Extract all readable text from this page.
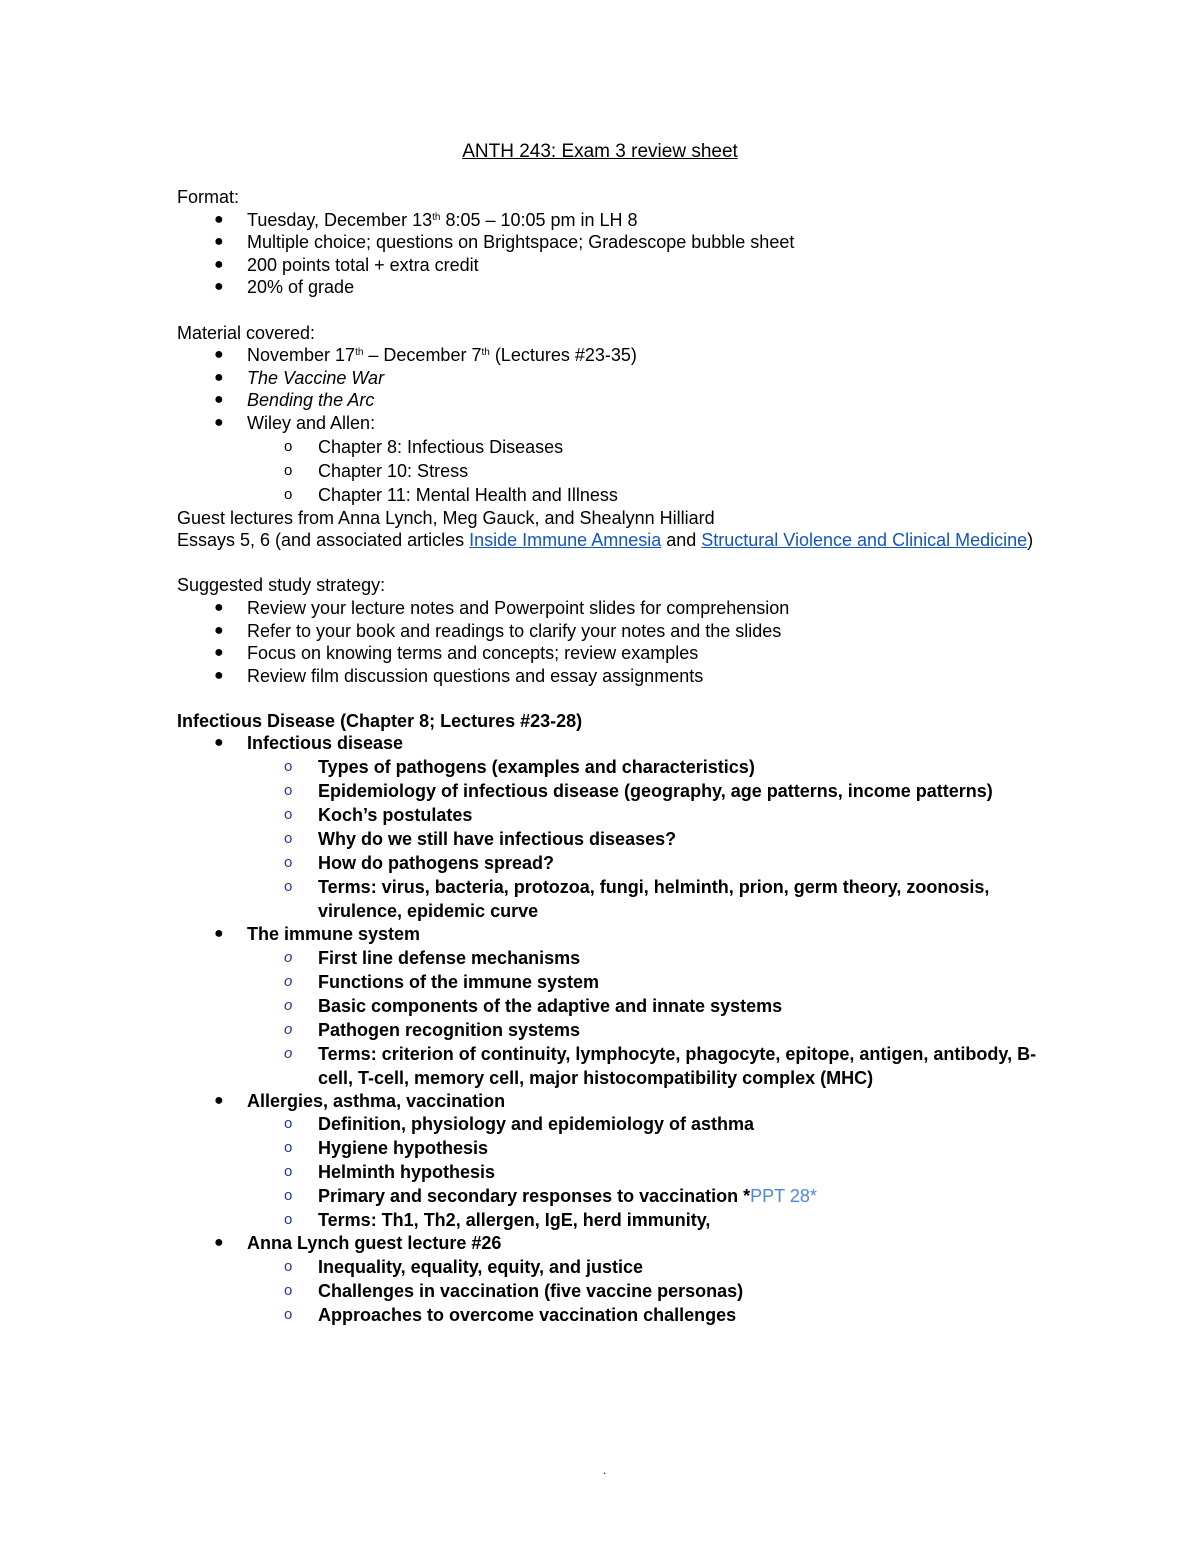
ANTH 243: Exam 3 review sheet
Format:
● Tuesday, December 13th 8:05 – 10:05 pm in LH 8
● Multiple choice; questions on Brightspace; Gradescope bubble sheet
● 200 points total + extra credit
● 20% of grade
Material covered:
● November 17th – December 7th (Lectures #23-35)
● The Vaccine War
● Bending the Arc
● Wiley and Allen:
o Chapter 8: Infectious Diseases
o Chapter 10: Stress
o Chapter 11: Mental Health and Illness
Guest lectures from Anna Lynch, Meg Gauck, and Shealynn Hilliard
Essays 5, 6 (and associated articles Inside Immune Amnesia and Structural Violence and Clinical Medicine)
Suggested study strategy:
● Review your lecture notes and Powerpoint slides for comprehension
● Refer to your book and readings to clarify your notes and the slides
● Focus on knowing terms and concepts; review examples
● Review film discussion questions and essay assignments
Infectious Disease (Chapter 8; Lectures #23-28)
● Infectious disease
o Types of pathogens (examples and characteristics)
o Epidemiology of infectious disease (geography, age patterns, income patterns)
o Koch’s postulates
o Why do we still have infectious diseases?
o How do pathogens spread?
o Terms: virus, bacteria, protozoa, fungi, helminth, prion, germ theory, zoonosis, virulence, epidemic curve
● The immune system
o First line defense mechanisms
o Functions of the immune system
o Basic components of the adaptive and innate systems
o Pathogen recognition systems
o Terms: criterion of continuity, lymphocyte, phagocyte, epitope, antigen, antibody, B-cell, T-cell, memory cell, major histocompatibility complex (MHC)
● Allergies, asthma, vaccination
o Definition, physiology and epidemiology of asthma
o Hygiene hypothesis
o Helminth hypothesis
o Primary and secondary responses to vaccination *PPT 28*
o Terms: Th1, Th2, allergen, IgE, herd immunity,
● Anna Lynch guest lecture #26
o Inequality, equality, equity, and justice
o Challenges in vaccination (five vaccine personas)
o Approaches to overcome vaccination challenges
.
